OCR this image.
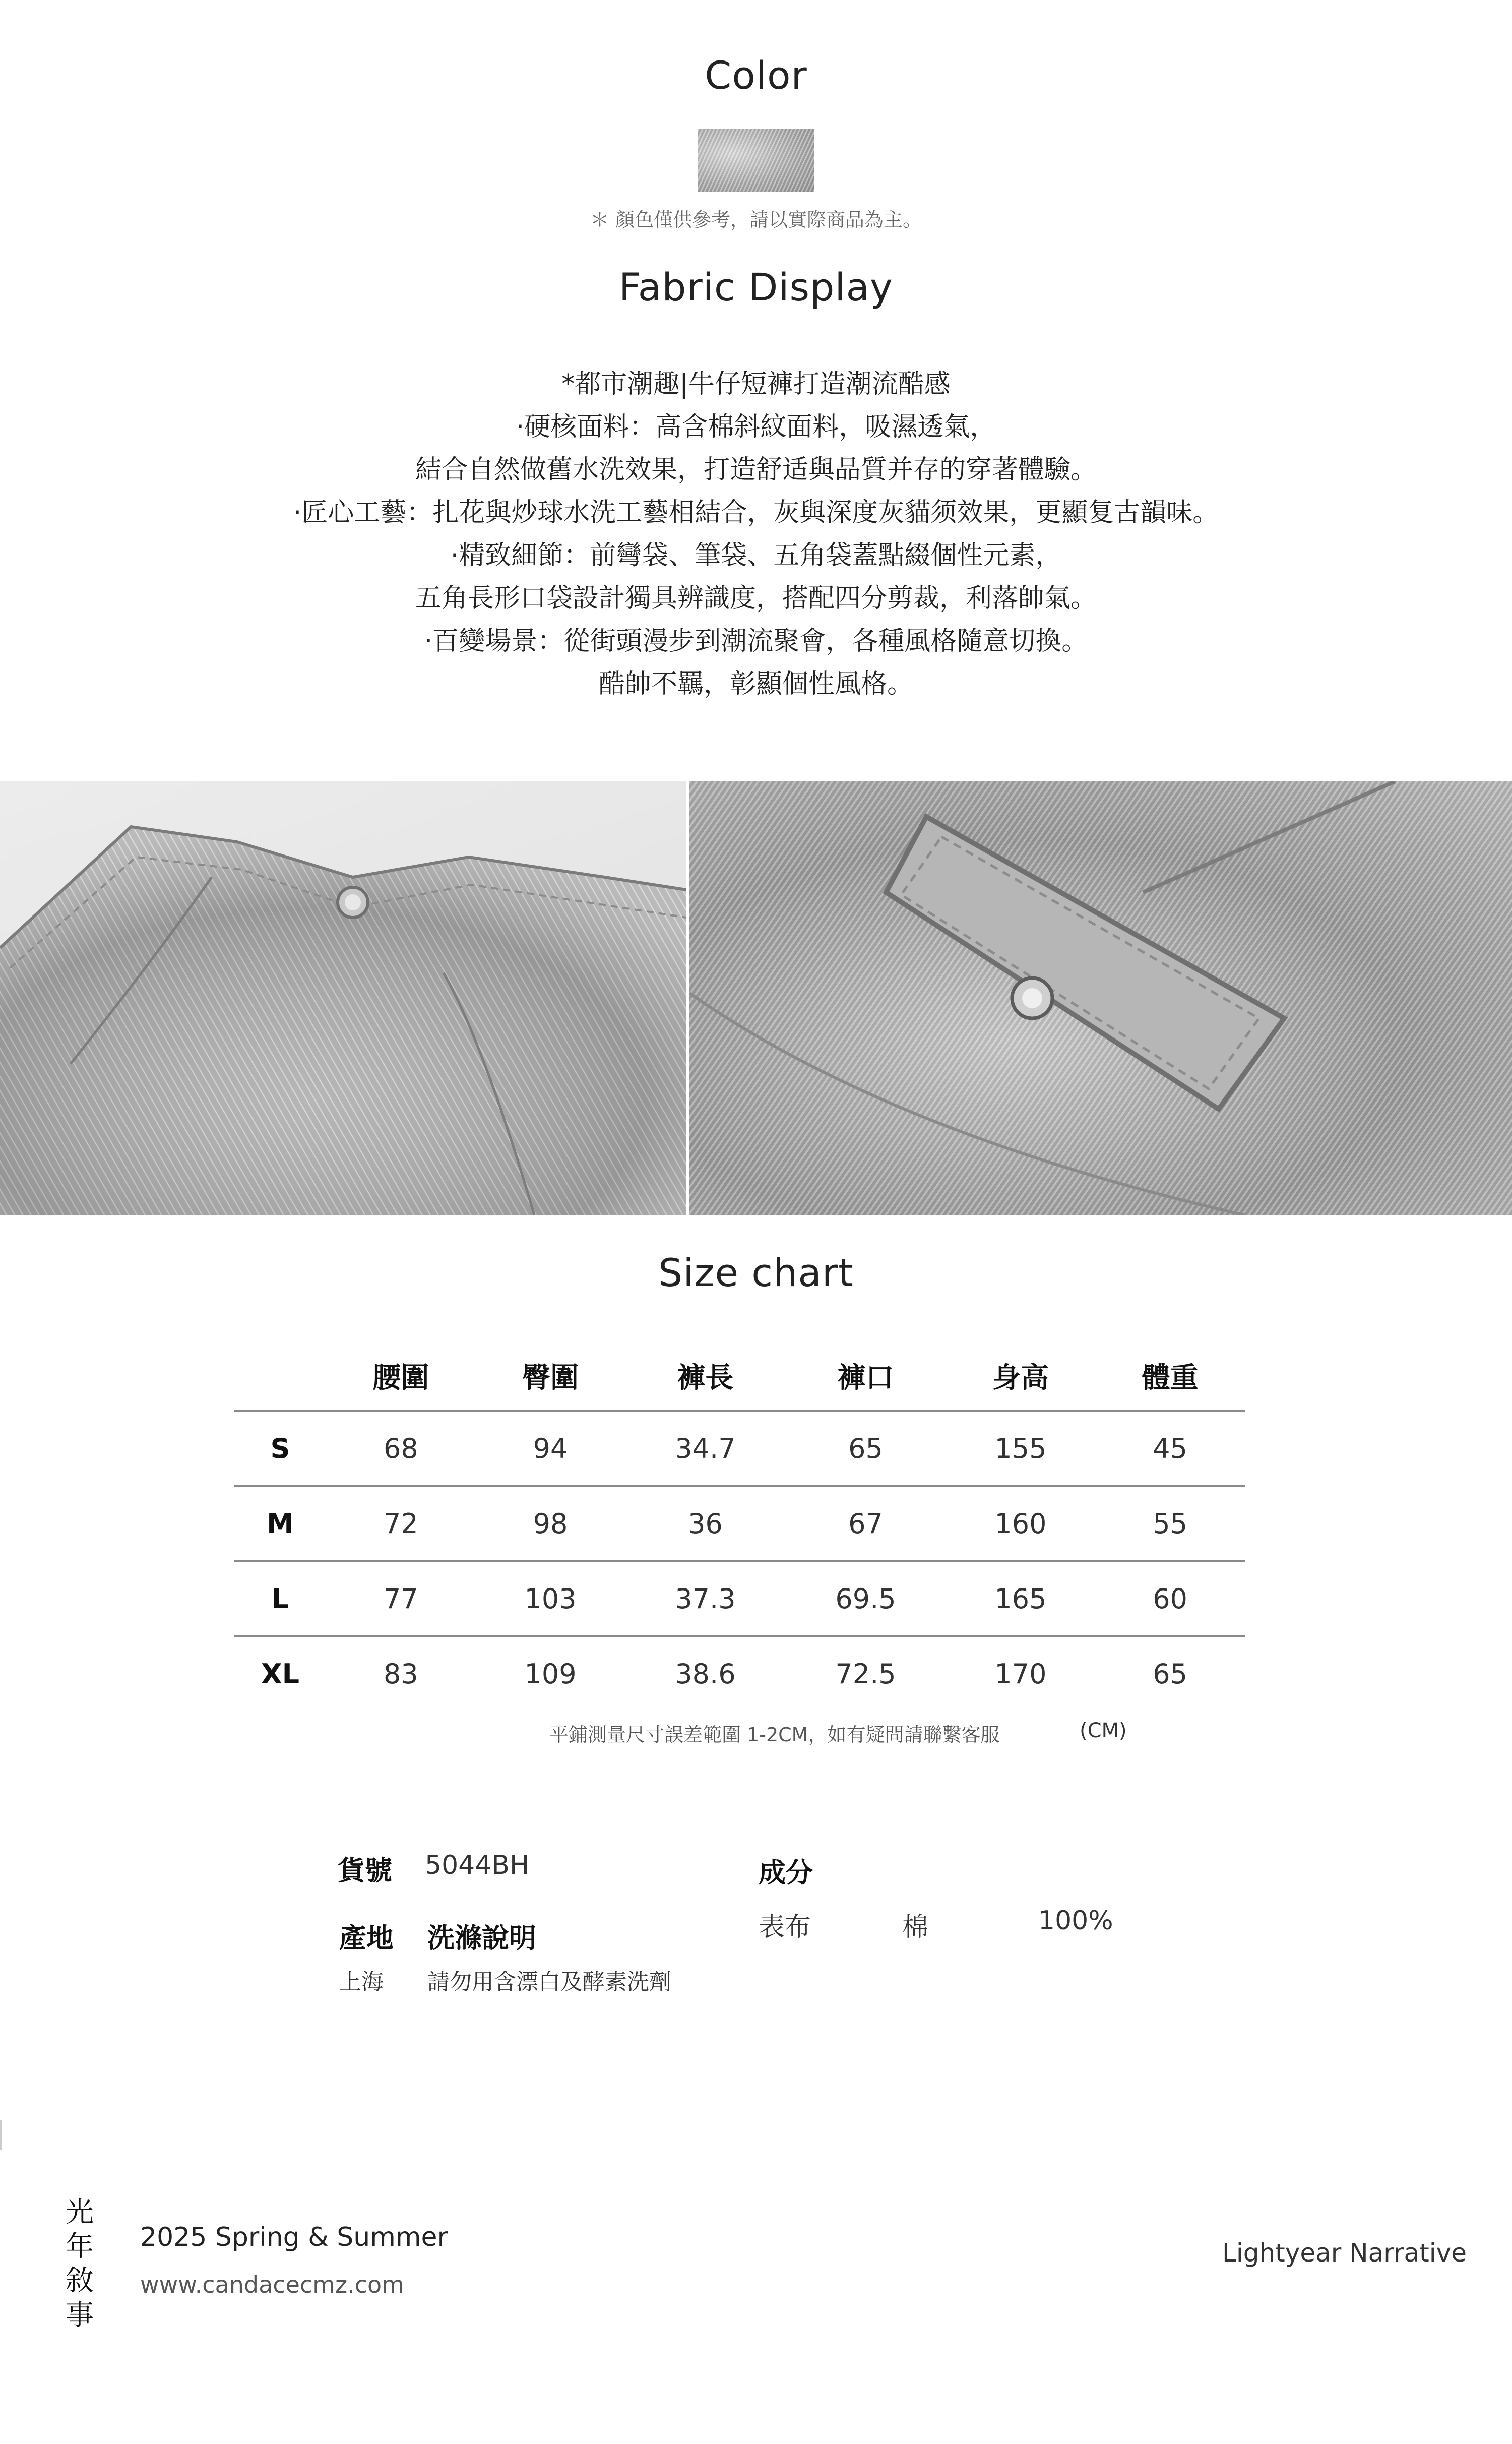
Color
＊ 顏色僅供參考，請以實際商品為主。
Fabric Display
*都市潮趣|牛仔短褲打造潮流酷感
·硬核面料：高含棉斜紋面料，吸濕透氣，
結合自然做舊水洗效果，打造舒适與品質并存的穿著體驗。
·匠心工藝：扎花與炒球水洗工藝相結合，灰與深度灰貓须效果，更顯复古韻味。
·精致細節：前彎袋、筆袋、五角袋蓋點綴個性元素，
五角長形口袋設計獨具辨識度，搭配四分剪裁，利落帥氣。
·百變場景：從街頭漫步到潮流聚會，各種風格隨意切換。
酷帥不羈，彰顯個性風格。
Size chart
	腰圍	臀圍	褲長	褲口	身高	體重
S	68	94	34.7	65	155	45
M	72	98	36	67	160	55
L	77	103	37.3	69.5	165	60
XL	83	109	38.6	72.5	170	65
平鋪測量尺寸誤差範圍 1-2CM，如有疑問請聯繫客服	(CM)
貨號 5044BH
產地 洗滌說明
上海 請勿用含漂白及酵素洗劑
成分
表布	棉	100%
光
年
敘
事
2025 Spring & Summer
www.candacecmz.com
Lightyear Narrative
